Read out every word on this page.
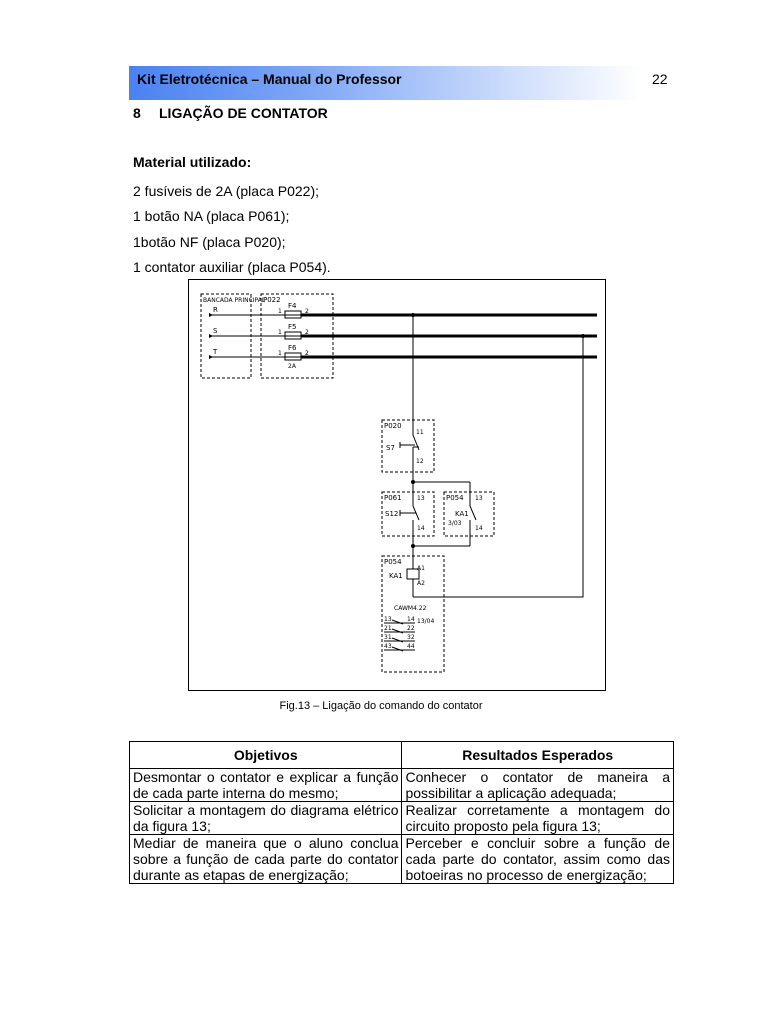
Kit Eletrotécnica – Manual do Professor	22
8 LIGAÇÃO DE CONTATOR
Material utilizado:
2 fusíveis de 2A (placa P022);
1 botão NA (placa P061);
1botão NF (placa P020);
1 contator auxiliar (placa P054).
BANCADA PRINCIPAL
R
S
T
P022
F4
F5
F6
1
1
1
2
2
2
2A
P020
11
12
S7
P061	13
14
S12
P054 13
14
KA1
3/03
P054
KA1
A1
A2
CAWM4.22
13	14 13/04
21	22
31	32
43	44
Fig.13 – Ligação do comando do contator
Objetivos	Resultados Esperados
Desmontar o contator e explicar a função de cada parte interna do mesmo;	Conhecer o contator de maneira a possibilitar a aplicação adequada;
Solicitar a montagem do diagrama elétrico da figura 13;	Realizar corretamente a montagem do circuito proposto pela figura 13;
Mediar de maneira que o aluno conclua sobre a função de cada parte do contator durante as etapas de energização;	Perceber e concluir sobre a função de cada parte do contator, assim como das botoeiras no processo de energização;
